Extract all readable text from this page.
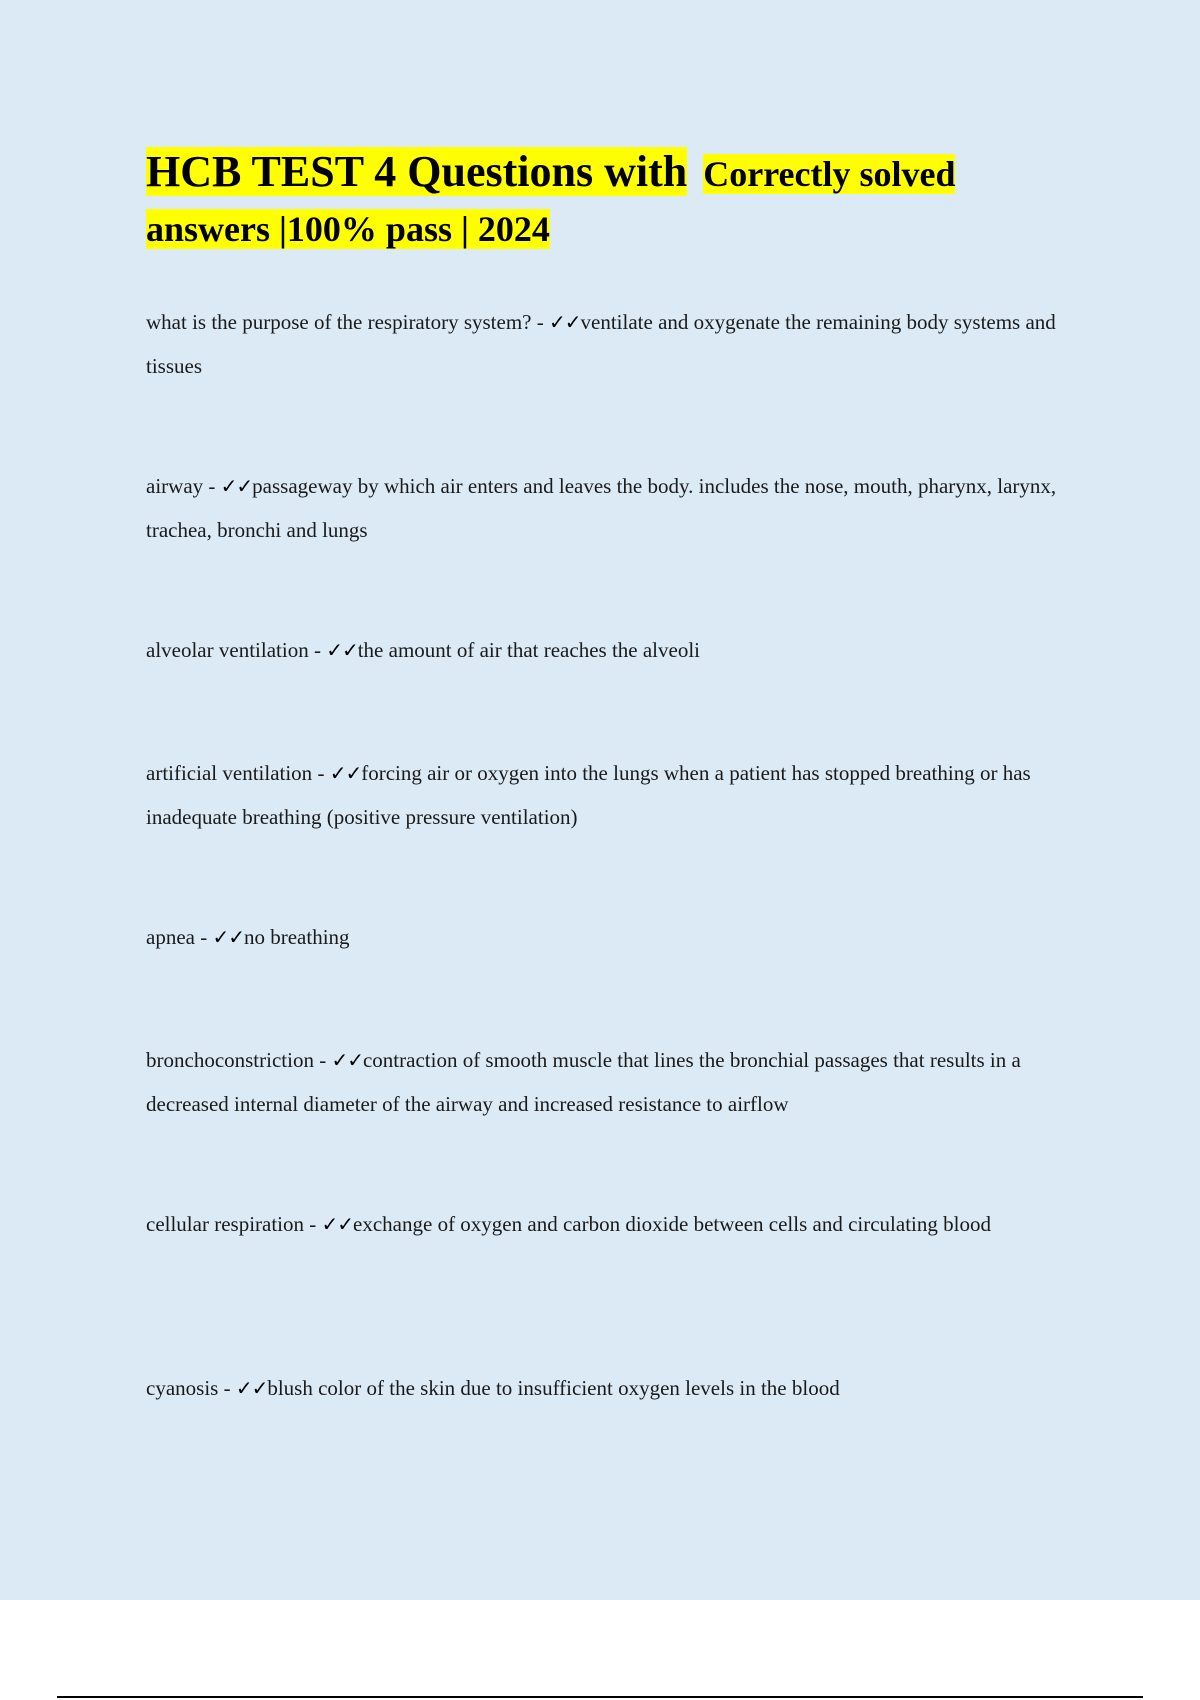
HCB TEST 4 Questions with Correctly solved
answers |100% pass | 2024
what is the purpose of the respiratory system? - ✓✓ventilate and oxygenate the remaining body systems and tissues
airway - ✓✓passageway by which air enters and leaves the body. includes the nose, mouth, pharynx, larynx, trachea, bronchi and lungs
alveolar ventilation - ✓✓the amount of air that reaches the alveoli
artificial ventilation - ✓✓forcing air or oxygen into the lungs when a patient has stopped breathing or has inadequate breathing (positive pressure ventilation)
apnea - ✓✓no breathing
bronchoconstriction - ✓✓contraction of smooth muscle that lines the bronchial passages that results in a decreased internal diameter of the airway and increased resistance to airflow
cellular respiration - ✓✓exchange of oxygen and carbon dioxide between cells and circulating blood
cyanosis - ✓✓blush color of the skin due to insufficient oxygen levels in the blood
